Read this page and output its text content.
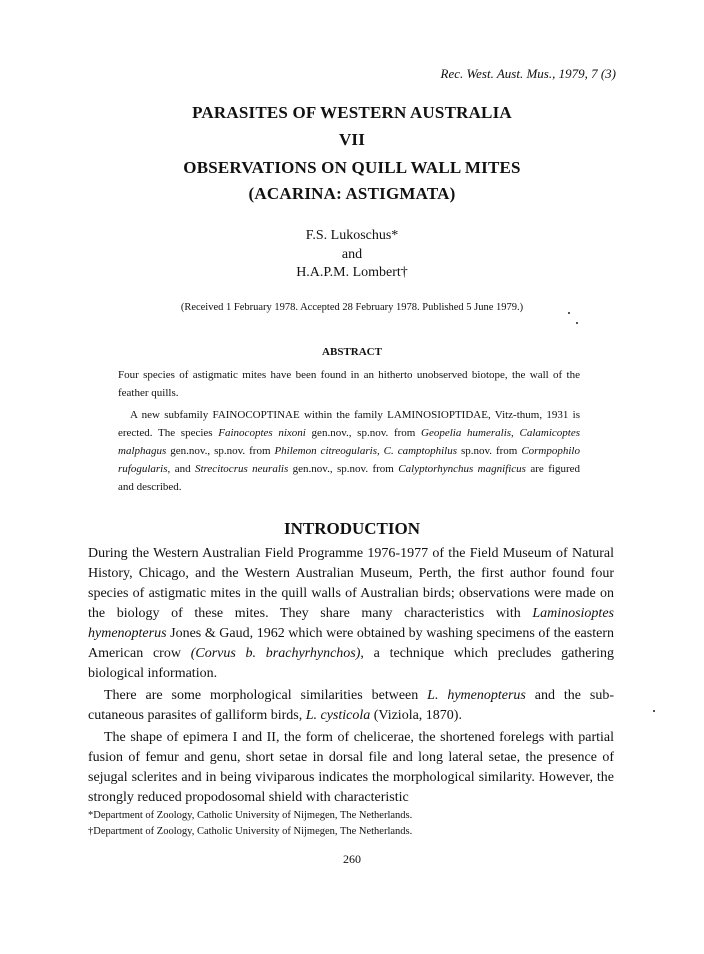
Rec. West. Aust. Mus., 1979, 7 (3)
PARASITES OF WESTERN AUSTRALIA
VII
OBSERVATIONS ON QUILL WALL MITES
(ACARINA: ASTIGMATA)
F.S. Lukoschus*
and
H.A.P.M. Lombert†
(Received 1 February 1978. Accepted 28 February 1978. Published 5 June 1979.)
ABSTRACT

Four species of astigmatic mites have been found in an hitherto unobserved biotope, the wall of the feather quills.

A new subfamily FAINOCOPTINAE within the family LAMINOSIOPTIDAE, Vitz-thum, 1931 is erected. The species Fainocoptes nixoni gen.nov., sp.nov. from Geopelia humeralis, Calamicoptes malphagus gen.nov., sp.nov. from Philemon citreogularis, C. camptophilus sp.nov. from Cormpophilo rufogularis, and Strecitocrus neuralis gen.nov., sp.nov. from Calyptorhynchus magnificus are figured and described.

INTRODUCTION

During the Western Australian Field Programme 1976-1977 of the Field Museum of Natural History, Chicago, and the Western Australian Museum, Perth, the first author found four species of astigmatic mites in the quill walls of Australian birds; observations were made on the biology of these mites. They share many characteristics with Laminosioptes hymenopterus Jones & Gaud, 1962 which were obtained by washing specimens of the eastern American crow (Corvus b. brachyrhynchos), a technique which precludes gathering biological information.

There are some morphological similarities between L. hymenopterus and the sub-cutaneous parasites of galliform birds, L. cysticola (Viziola, 1870).

The shape of epimera I and II, the form of chelicerae, the shortened forelegs with partial fusion of femur and genu, short setae in dorsal file and long lateral setae, the presence of sejugal sclerites and in being viviparous indicates the morphological similarity. However, the strongly reduced propodosomal shield with characteristic

*Department of Zoology, Catholic University of Nijmegen, The Netherlands.
†Department of Zoology, Catholic University of Nijmegen, The Netherlands.
260
